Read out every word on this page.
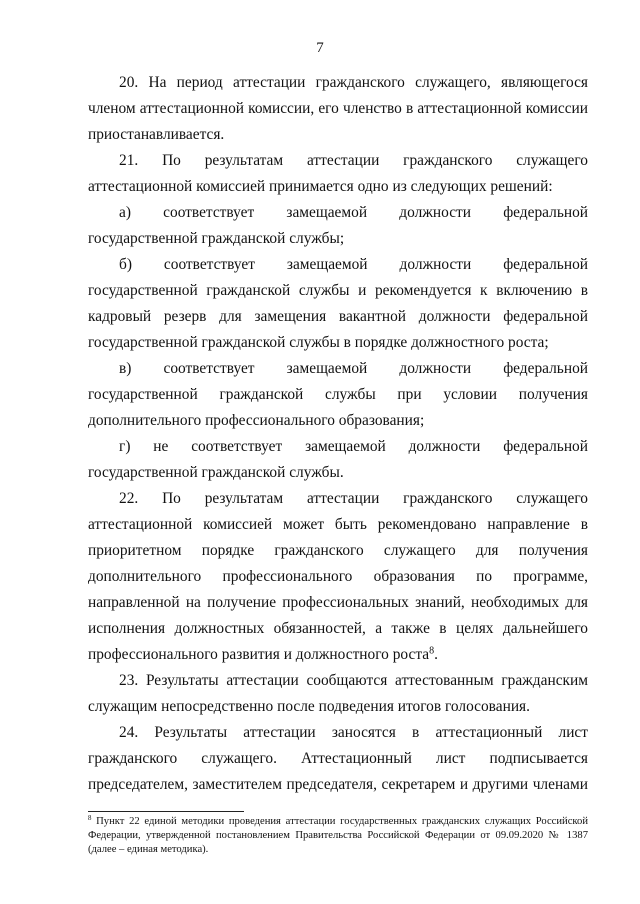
7

20. На период аттестации гражданского служащего, являющегося членом аттестационной комиссии, его членство в аттестационной комиссии приостанавливается.

21. По результатам аттестации гражданского служащего аттестационной комиссией принимается одно из следующих решений:

а) соответствует замещаемой должности федеральной государственной гражданской службы;

б) соответствует замещаемой должности федеральной государственной гражданской службы и рекомендуется к включению в кадровый резерв для замещения вакантной должности федеральной государственной гражданской службы в порядке должностного роста;

в) соответствует замещаемой должности федеральной государственной гражданской службы при условии получения дополнительного профессионального образования;

г) не соответствует замещаемой должности федеральной государственной гражданской службы.

22. По результатам аттестации гражданского служащего аттестационной комиссией может быть рекомендовано направление в приоритетном порядке гражданского служащего для получения дополнительного профессионального образования по программе, направленной на получение профессиональных знаний, необходимых для исполнения должностных обязанностей, а также в целях дальнейшего профессионального развития и должностного роста$^8$.

23. Результаты аттестации сообщаются аттестованным гражданским служащим непосредственно после подведения итогов голосования.

24. Результаты аттестации заносятся в аттестационный лист гражданского служащего. Аттестационный лист подписывается председателем, заместителем председателя, секретарем и другими членами

$^8$ Пункт 22 единой методики проведения аттестации государственных гражданских служащих Российской Федерации, утвержденной постановлением Правительства Российской Федерации от 09.09.2020 № 1387 (далее – единая методика).
